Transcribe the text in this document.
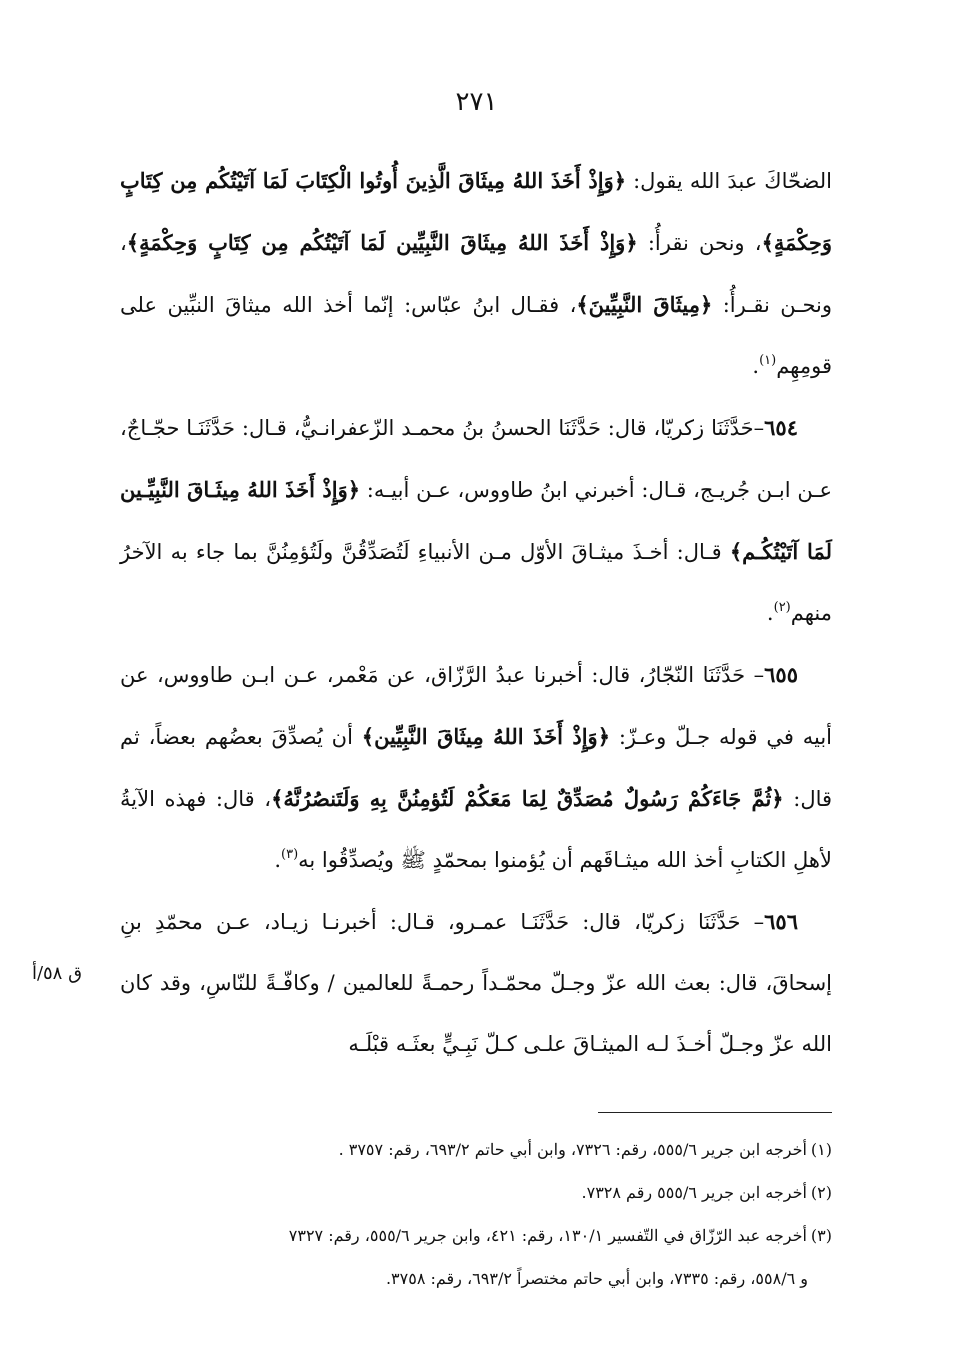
٢٧١

الضحّاكَ عبدَ الله يقول: ﴿وَإِذْ أَخَذَ اللهُ مِيثَاقَ الَّذِينَ أُوتُوا الْكِتَابَ لَمَا آتَيْتُكُم مِن كِتَابٍ وَحِكْمَةٍ﴾، ونحن نقرأُ: ﴿وَإِذْ أَخَذَ اللهُ مِيثَاقَ النَّبِيِّين لَمَا آتَيْتُكُم مِن كِتَابٍ وَحِكْمَةٍ﴾، ونحـن نقـرأُ: ﴿مِيثَاقَ النَّبِيِّينَ﴾، فقـال ابنُ عبّاس: إنّما أخذ الله ميثاقَ النبِّين على قومِهِم$^{(١)}$.

٦٥٤–حَدَّثَنَا زكريّا، قال: حَدَّثَنَا الحسنُ بنُ محمـد الزّعفرانـيُّ، قـال: حَدَّثَنَـا حجّـاجٌ، عـن ابـن جُريـج، قـال: أخبرني ابنُ طاووس، عـن أبيـه: ﴿وَإِذْ أَخَذَ اللهُ مِيثَـاقَ النَّبِيِّـين لَمَا آتَيْتُكُـم﴾ قـال: أخـذَ ميثـاقَ الأوّل مـن الأنبياءِ لَتُصَدِّقُنَّ ولَتُؤمِنُنَّ بما جاء به الآخرُ منهم$^{(٢)}$.

٦٥٥– حَدَّثَنَا النّجّارُ، قال: أخبرنا عبدُ الرَّزّاق، عن مَعْمر، عـن ابـن طاووس، عن أبيه في قوله جـلّ وعـزّ: ﴿وَإِذْ أَخَذَ اللهُ مِيثَاقَ النَّبِيِّين﴾ أن يُصدِّقَ بعضُهم بعضاً، ثم قال: ﴿ثُمَّ جَاءَكُمْ رَسُولٌ مُصَدِّقٌ لِمَا مَعَكُمْ لَتُؤمِنُنَّ بِهِ وَلَتَنصُرُنَّهُ﴾، قال: فهذه الآيةُ لأهلِ الكتابِ أخذ الله ميثـاقَهم أن يُؤمنوا بمحمّدٍ ﷺ ويُصدِّقُوا به$^{(٣)}$.

٦٥٦– حَدَّثَنَا زكريّا، قال: حَدَّثَنَـا عمـرو، قـال: أخبرنـا زيـاد، عـن محمّدِ بنِ إسحاقَ، قال: بعث الله عزّ وجـلّ محمّـداً رحمـةً للعالمين / وكافّـةً للنّاسِ، وقد كان الله عزّ وجـلّ أخـذَ لـه الميثـاقَ علـى كـلّ نَبِـيٍّ بعثَـه قبْلَـه

ق ٥٨/أ
(١)أخرجه ابن جرير ٥٥٥/٦، رقم: ٧٣٢٦، وابن أبي حاتم ٦٩٣/٢، رقم: ٣٧٥٧ .
(٢)أخرجه ابن جرير ٥٥٥/٦ رقم ٧٣٢٨.
(٣)أخرجه عبد الرّزّاق في التّفسير ١٣٠/١، رقم: ٤٢١، وابن جرير ٥٥٥/٦، رقم: ٧٣٢٧
و ٥٥٨/٦، رقم: ٧٣٣٥، وابن أبي حاتم مختصراً ٦٩٣/٢، رقم: ٣٧٥٨.
